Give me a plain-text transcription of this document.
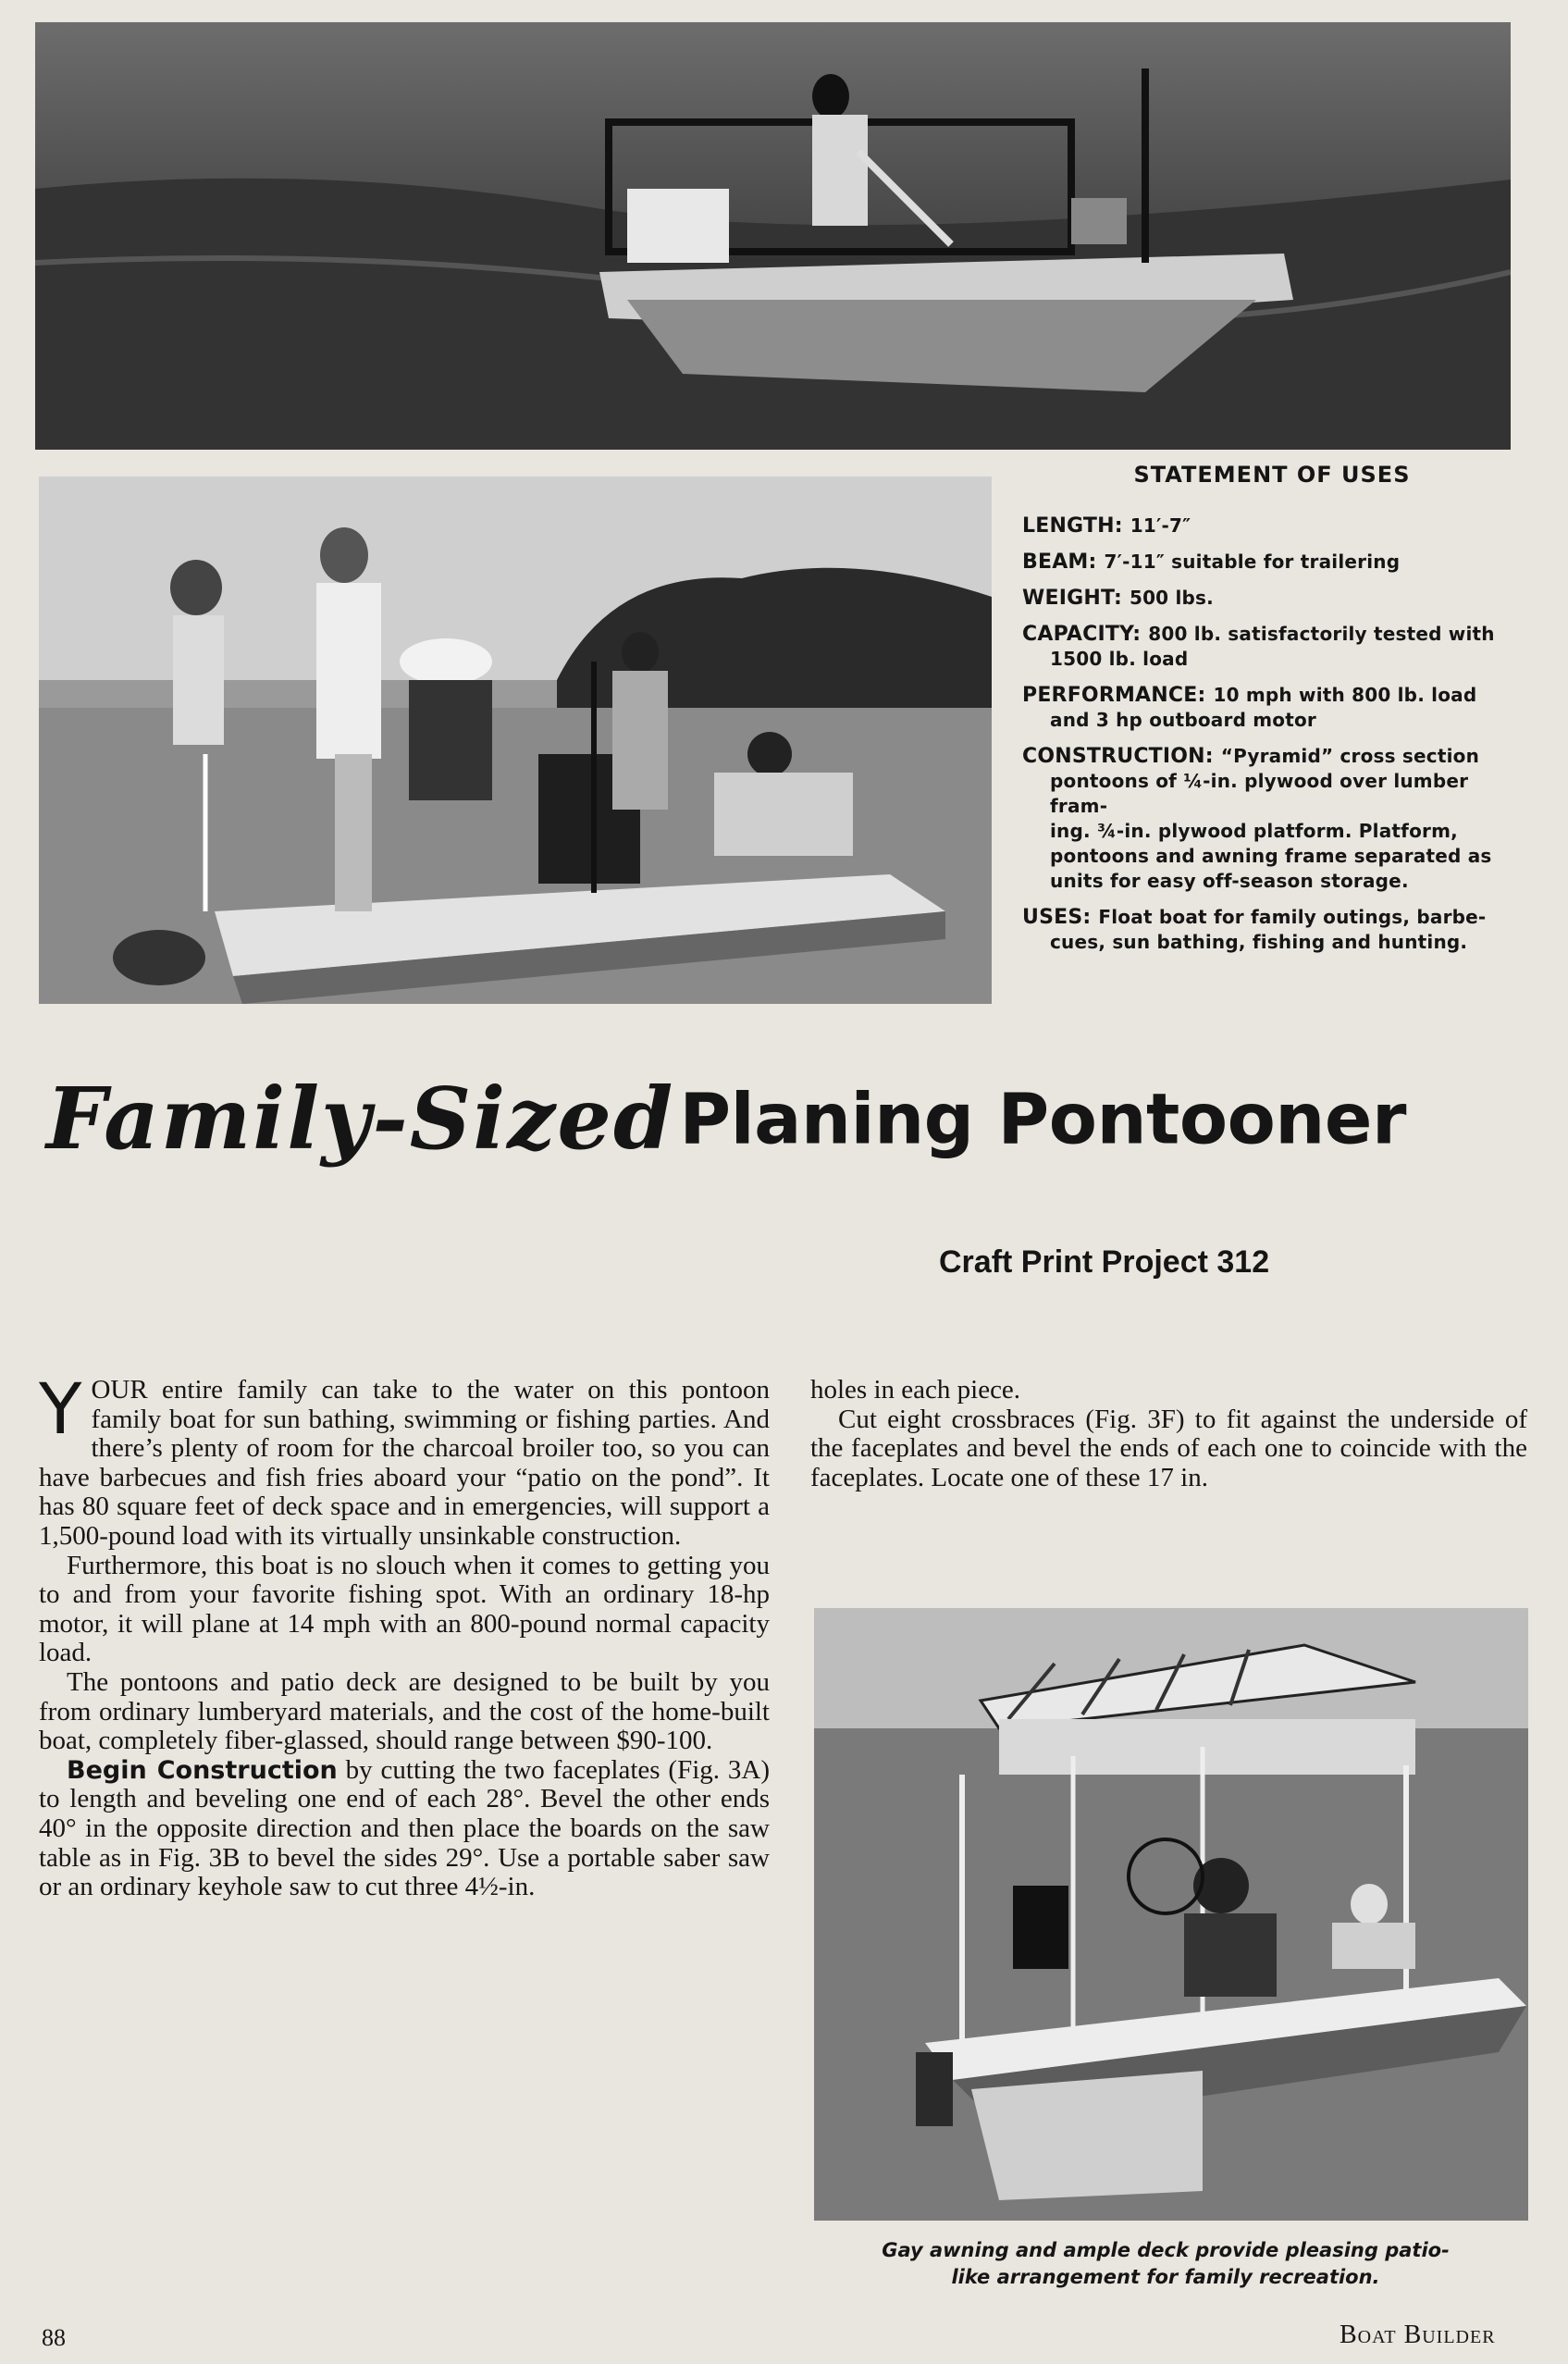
STATEMENT OF USES
LENGTH: 11′-7″
BEAM: 7′-11″ suitable for trailering
WEIGHT: 500 lbs.
CAPACITY: 800 lb. satisfactorily tested with
1500 lb. load
PERFORMANCE: 10 mph with 800 lb. load
and 3 hp outboard motor
CONSTRUCTION: “Pyramid” cross section
pontoons of ¼-in. plywood over lumber fram-
ing. ¾-in. plywood platform. Platform,
pontoons and awning frame separated as
units for easy off-season storage.
USES: Float boat for family outings, barbe-
cues, sun bathing, fishing and hunting.
Family-Sized Planing Pontooner
Craft Print Project 312

YOUR entire family can take to the water on this pontoon family boat for sun bathing, swimming or fishing parties. And there’s plenty of room for the charcoal broiler too, so you can have barbecues and fish fries aboard your “patio on the pond”. It has 80 square feet of deck space and in emergencies, will support a 1,500-pound load with its virtually unsinkable construction.

Furthermore, this boat is no slouch when it comes to getting you to and from your favorite fishing spot. With an ordinary 18-hp motor, it will plane at 14 mph with an 800-pound normal capacity load.

The pontoons and patio deck are designed to be built by you from ordinary lumberyard materials, and the cost of the home-built boat, completely fiber-glassed, should range between $90-100.

Begin Construction by cutting the two faceplates (Fig. 3A) to length and beveling one end of each 28°. Bevel the other ends 40° in the opposite direction and then place the boards on the saw table as in Fig. 3B to bevel the sides 29°. Use a portable saber saw or an ordinary keyhole saw to cut three 4½-in.

holes in each piece.

Cut eight crossbraces (Fig. 3F) to fit against the underside of the faceplates and bevel the ends of each one to coincide with the faceplates. Locate one of these 17 in.

Gay awning and ample deck provide pleasing patio-
like arrangement for family recreation.
88	Boat Builder
